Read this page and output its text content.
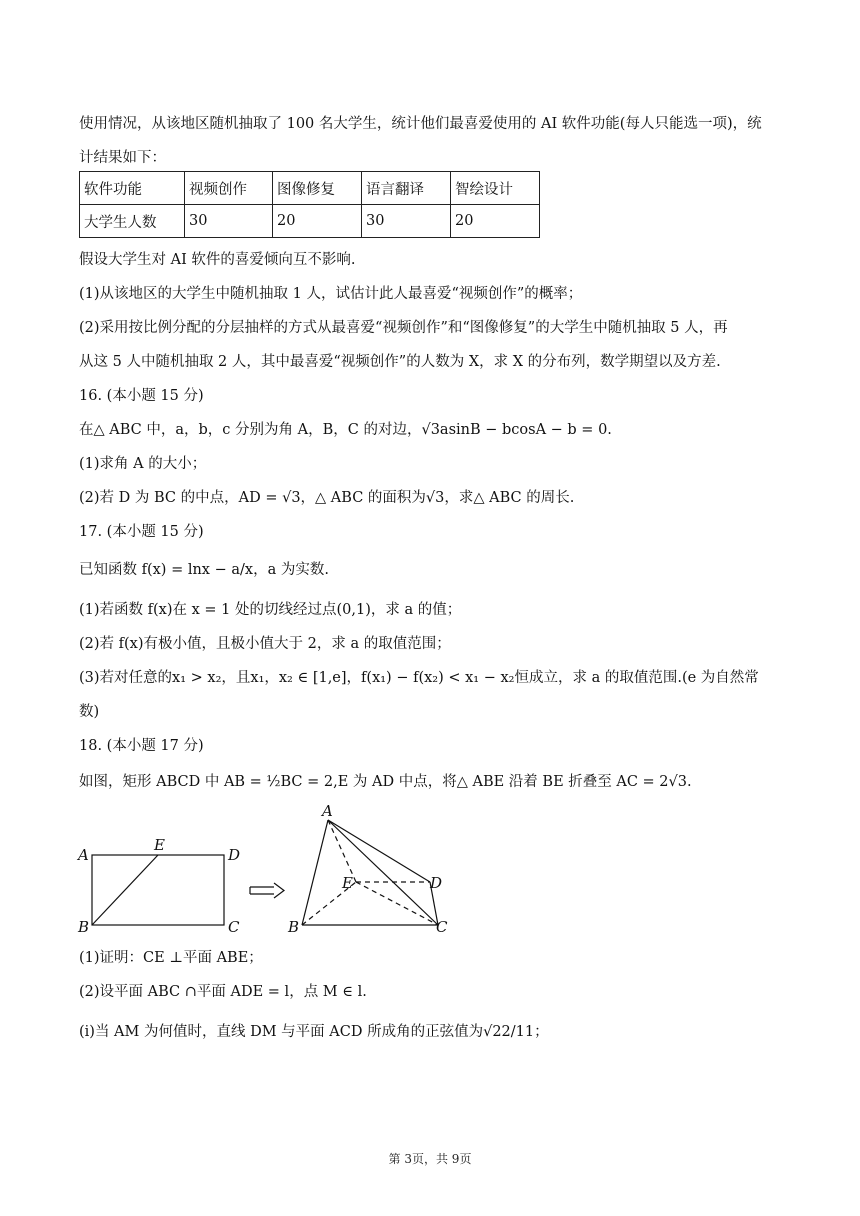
使用情况，从该地区随机抽取了 100 名大学生，统计他们最喜爱使用的 AI 软件功能(每人只能选一项)，统
计结果如下：
软件功能	视频创作	图像修复	语言翻译	智绘设计
大学生人数	30	20	30	20
假设大学生对 AI 软件的喜爱倾向互不影响.
(1)从该地区的大学生中随机抽取 1 人，试估计此人最喜爱“视频创作”的概率；
(2)采用按比例分配的分层抽样的方式从最喜爱“视频创作”和“图像修复”的大学生中随机抽取 5 人，再
从这 5 人中随机抽取 2 人，其中最喜爱“视频创作”的人数为 X，求 X 的分布列，数学期望以及方差.
16. (本小题 15 分)
在△ ABC 中，a，b，c 分别为角 A，B，C 的对边，√3asinB − bcosA − b = 0.
(1)求角 A 的大小；
(2)若 D 为 BC 的中点，AD = √3，△ ABC 的面积为√3，求△ ABC 的周长.
17. (本小题 15 分)
已知函数 f(x) = lnx − a/x，a 为实数.
(1)若函数 f(x)在 x = 1 处的切线经过点(0,1)，求 a 的值；
(2)若 f(x)有极小值，且极小值大于 2，求 a 的取值范围；
(3)若对任意的x₁ > x₂，且x₁，x₂ ∈ [1,e]，f(x₁) − f(x₂) < x₁ − x₂恒成立，求 a 的取值范围.(e 为自然常
数)
18. (本小题 17 分)
如图，矩形 ABCD 中 AB = ½BC = 2,E 为 AD 中点，将△ ABE 沿着 BE 折叠至 AC = 2√3.
A
E
D
B	C
A
E	D
B	C
(1)证明：CE ⊥平面 ABE；
(2)设平面 ABC ∩平面 ADE = l，点 M ∈ l.
(i)当 AM 为何值时，直线 DM 与平面 ACD 所成角的正弦值为√22/11；
第 3页，共 9页
